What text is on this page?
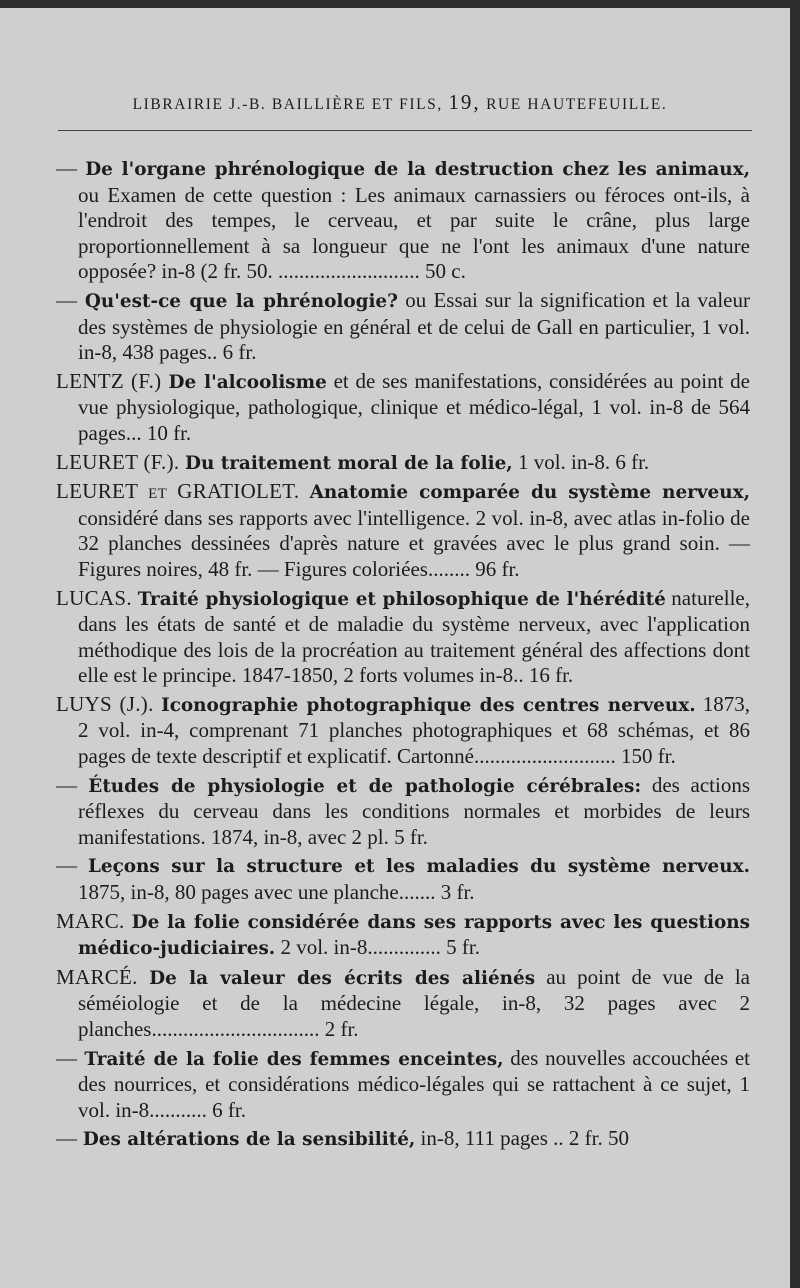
LIBRAIRIE J.-B. BAILLIÈRE ET FILS, 19, RUE HAUTEFEUILLE.

— De l'organe phrénologique de la destruction chez les animaux, ou Examen de cette question : Les animaux carnassiers ou féroces ont-ils, à l'endroit des tempes, le cerveau, et par suite le crâne, plus large proportionnellement à sa longueur que ne l'ont les animaux d'une nature opposée? in-8 (2 fr. 50. ........................... 50 c.

— Qu'est-ce que la phrénologie? ou Essai sur la signification et la valeur des systèmes de physiologie en général et de celui de Gall en particulier, 1 vol. in-8, 438 pages.. 6 fr.

LENTZ (F.) De l'alcoolisme et de ses manifestations, considérées au point de vue physiologique, pathologique, clinique et médico-légal, 1 vol. in-8 de 564 pages... 10 fr.

LEURET (F.). Du traitement moral de la folie, 1 vol. in-8. 6 fr.

LEURET et GRATIOLET. Anatomie comparée du système nerveux, considéré dans ses rapports avec l'intelligence. 2 vol. in-8, avec atlas in-folio de 32 planches dessinées d'après nature et gravées avec le plus grand soin. — Figures noires, 48 fr. — Figures coloriées........ 96 fr.

LUCAS. Traité physiologique et philosophique de l'hérédité naturelle, dans les états de santé et de maladie du système nerveux, avec l'application méthodique des lois de la procréation au traitement général des affections dont elle est le principe. 1847-1850, 2 forts volumes in-8.. 16 fr.

LUYS (J.). Iconographie photographique des centres nerveux. 1873, 2 vol. in-4, comprenant 71 planches photographiques et 68 schémas, et 86 pages de texte descriptif et explicatif. Cartonné........................... 150 fr.

— Études de physiologie et de pathologie cérébrales: des actions réflexes du cerveau dans les conditions normales et morbides de leurs manifestations. 1874, in-8, avec 2 pl. 5 fr.

— Leçons sur la structure et les maladies du système nerveux. 1875, in-8, 80 pages avec une planche....... 3 fr.

MARC. De la folie considérée dans ses rapports avec les questions médico-judiciaires. 2 vol. in-8.............. 5 fr.

MARCÉ. De la valeur des écrits des aliénés au point de vue de la séméiologie et de la médecine légale, in-8, 32 pages avec 2 planches................................ 2 fr.

— Traité de la folie des femmes enceintes, des nouvelles accouchées et des nourrices, et considérations médico-légales qui se rattachent à ce sujet, 1 vol. in-8........... 6 fr.

— Des altérations de la sensibilité, in-8, 111 pages .. 2 fr. 50
